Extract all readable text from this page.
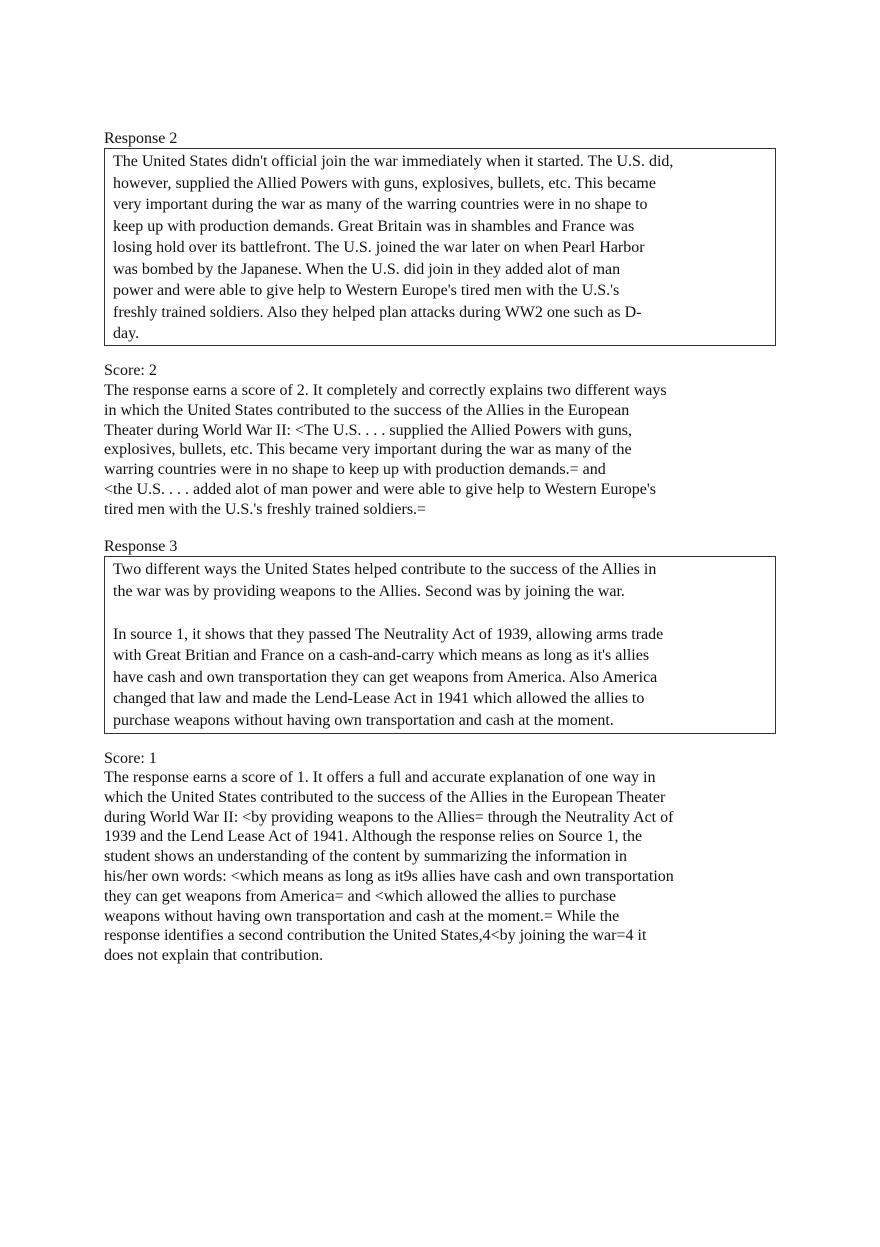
Response 2
The United States didn't official join the war immediately when it started. The U.S. did,
however, supplied the Allied Powers with guns, explosives, bullets, etc. This became
very important during the war as many of the warring countries were in no shape to
keep up with production demands. Great Britain was in shambles and France was
losing hold over its battlefront. The U.S. joined the war later on when Pearl Harbor
was bombed by the Japanese. When the U.S. did join in they added alot of man
power and were able to give help to Western Europe's tired men with the U.S.'s
freshly trained soldiers. Also they helped plan attacks during WW2 one such as D-
day.
Score: 2
The response earns a score of 2. It completely and correctly explains two different ways
in which the United States contributed to the success of the Allies in the European
Theater during World War II: <The U.S. . . . supplied the Allied Powers with guns,
explosives, bullets, etc. This became very important during the war as many of the
warring countries were in no shape to keep up with production demands.= and
<the U.S. . . . added alot of man power and were able to give help to Western Europe's
tired men with the U.S.'s freshly trained soldiers.=
Response 3
Two different ways the United States helped contribute to the success of the Allies in
the war was by providing weapons to the Allies. Second was by joining the war.
In source 1, it shows that they passed The Neutrality Act of 1939, allowing arms trade
with Great Britian and France on a cash-and-carry which means as long as it's allies
have cash and own transportation they can get weapons from America. Also America
changed that law and made the Lend-Lease Act in 1941 which allowed the allies to
purchase weapons without having own transportation and cash at the moment.
Score: 1
The response earns a score of 1. It offers a full and accurate explanation of one way in
which the United States contributed to the success of the Allies in the European Theater
during World War II: <by providing weapons to the Allies= through the Neutrality Act of
1939 and the Lend Lease Act of 1941. Although the response relies on Source 1, the
student shows an understanding of the content by summarizing the information in
his/her own words: <which means as long as it9s allies have cash and own transportation
they can get weapons from America= and <which allowed the allies to purchase
weapons without having own transportation and cash at the moment.= While the
response identifies a second contribution the United States,4<by joining the war=4 it
does not explain that contribution.
